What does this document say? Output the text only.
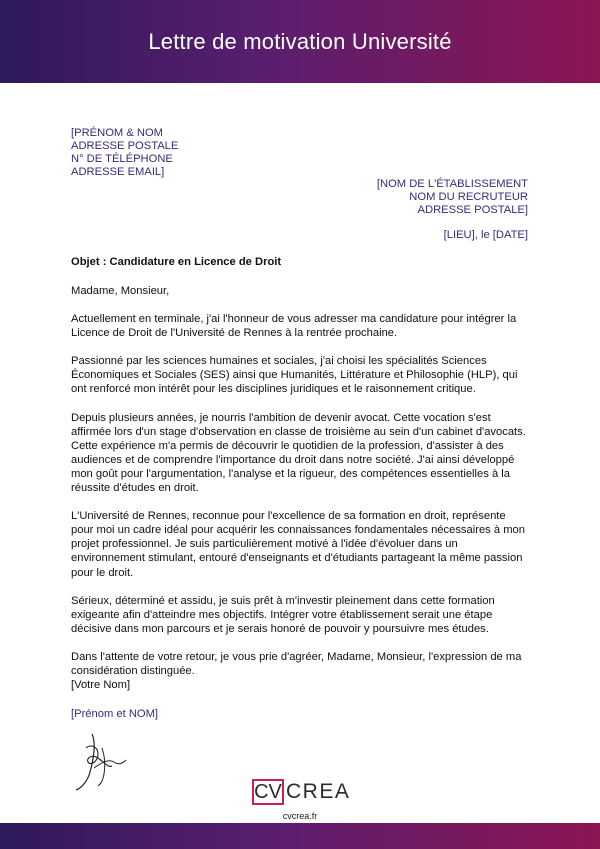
Lettre de motivation Université
[PRÉNOM & NOM
ADRESSE POSTALE
N° DE TÉLÉPHONE
ADRESSE EMAIL]
[NOM DE L'ÉTABLISSEMENT
NOM DU RECRUTEUR
ADRESSE POSTALE]
[LIEU], le [DATE]
Objet : Candidature en Licence de Droit

Madame, Monsieur,

Actuellement en terminale, j'ai l'honneur de vous adresser ma candidature pour intégrer la Licence de Droit de l'Université de Rennes à la rentrée prochaine.

Passionné par les sciences humaines et sociales, j'ai choisi les spécialités Sciences Économiques et Sociales (SES) ainsi que Humanités, Littérature et Philosophie (HLP), qui ont renforcé mon intérêt pour les disciplines juridiques et le raisonnement critique.

Depuis plusieurs années, je nourris l'ambition de devenir avocat. Cette vocation s'est affirmée lors d'un stage d'observation en classe de troisième au sein d'un cabinet d'avocats. Cette expérience m'a permis de découvrir le quotidien de la profession, d'assister à des audiences et de comprendre l'importance du droit dans notre société. J'ai ainsi développé mon goût pour l'argumentation, l'analyse et la rigueur, des compétences essentielles à la réussite d'études en droit.

L'Université de Rennes, reconnue pour l'excellence de sa formation en droit, représente pour moi un cadre idéal pour acquérir les connaissances fondamentales nécessaires à mon projet professionnel. Je suis particulièrement motivé à l'idée d'évoluer dans un environnement stimulant, entouré d'enseignants et d'étudiants partageant la même passion pour le droit.

Sérieux, déterminé et assidu, je suis prêt à m'investir pleinement dans cette formation exigeante afin d'atteindre mes objectifs. Intégrer votre établissement serait une étape décisive dans mon parcours et je serais honoré de pouvoir y poursuivre mes études.

Dans l'attente de votre retour, je vous prie d'agréer, Madame, Monsieur, l'expression de ma considération distinguée.

[Votre Nom]
[Prénom et NOM]
CV CREA
cvcrea.fr
